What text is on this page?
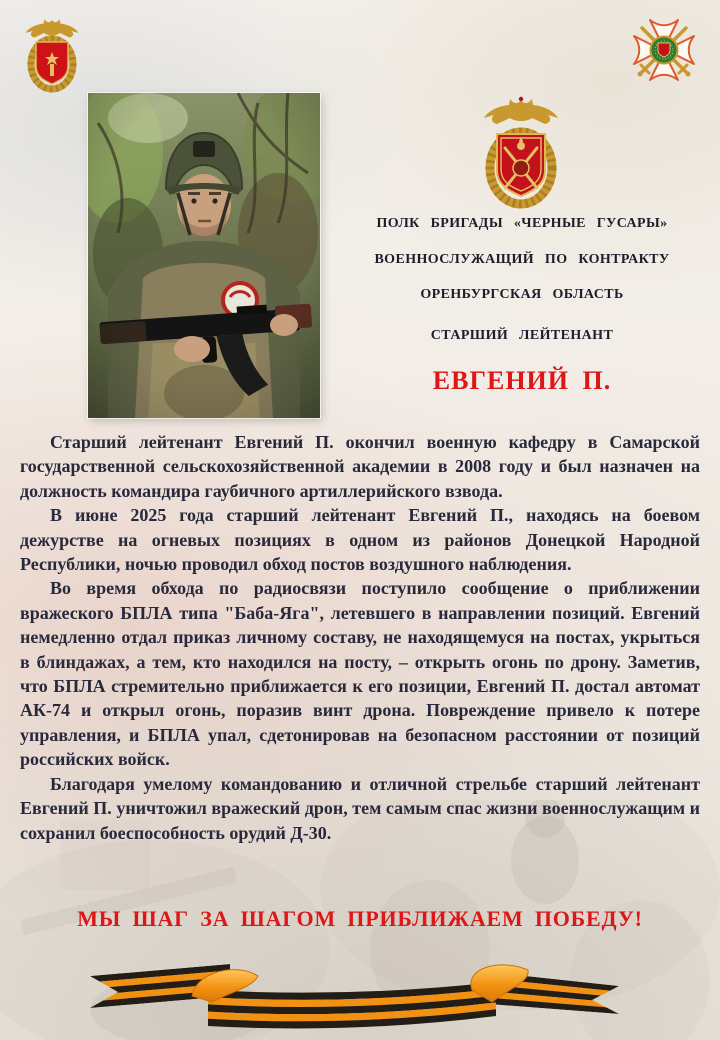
ПОЛК БРИГАДЫ «ЧЕРНЫЕ ГУСАРЫ»
ВОЕННОСЛУЖАЩИЙ ПО КОНТРАКТУ
ОРЕНБУРГСКАЯ ОБЛАСТЬ
СТАРШИЙ ЛЕЙТЕНАНТ
ЕВГЕНИЙ П.

Старший лейтенант Евгений П. окончил военную кафедру в Самарской государственной сельскохозяйственной академии в 2008 году и был назначен на должность командира гаубичного артиллерийского взвода.

В июне 2025 года старший лейтенант Евгений П., находясь на боевом дежурстве на огневых позициях в одном из районов Донецкой Народной Республики, ночью проводил обход постов воздушного наблюдения.

Во время обхода по радиосвязи поступило сообщение о приближении вражеского БПЛА типа "Баба-Яга", летевшего в направлении позиций. Евгений немедленно отдал приказ личному составу, не находящемуся на постах, укрыться в блиндажах, а тем, кто находился на посту, – открыть огонь по дрону. Заметив, что БПЛА стремительно приближается к его позиции, Евгений П. достал автомат АК-74 и открыл огонь, поразив винт дрона. Повреждение привело к потере управления, и БПЛА упал, сдетонировав на безопасном расстоянии от позиций российских войск.

Благодаря умелому командованию и отличной стрельбе старший лейтенант Евгений П. уничтожил вражеский дрон, тем самым спас жизни военнослужащим и сохранил боеспособность орудий Д-30.

МЫ ШАГ ЗА ШАГОМ ПРИБЛИЖАЕМ ПОБЕДУ!
